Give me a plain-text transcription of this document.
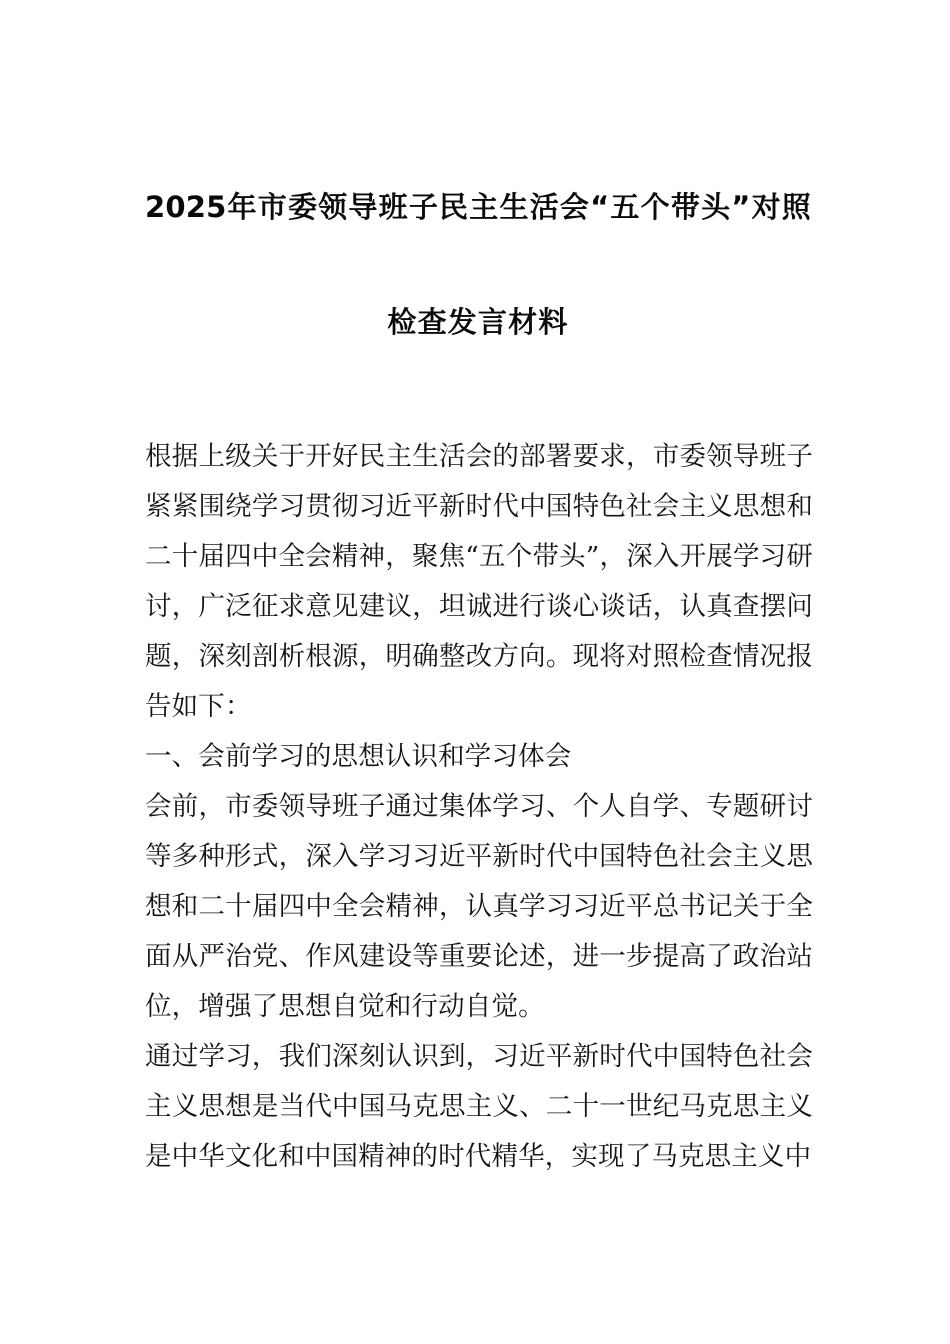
2025年市委领导班子民主生活会“五个带头”对照
检查发言材料

根据上级关于开好民主生活会的部署要求，市委领导班子紧紧围绕学习贯彻习近平新时代中国特色社会主义思想和二十届四中全会精神，聚焦“五个带头”，深入开展学习研讨，广泛征求意见建议，坦诚进行谈心谈话，认真查摆问题，深刻剖析根源，明确整改方向。现将对照检查情况报告如下：

一、会前学习的思想认识和学习体会

会前，市委领导班子通过集体学习、个人自学、专题研讨等多种形式，深入学习习近平新时代中国特色社会主义思想和二十届四中全会精神，认真学习习近平总书记关于全面从严治党、作风建设等重要论述，进一步提高了政治站位，增强了思想自觉和行动自觉。

通过学习，我们深刻认识到，习近平新时代中国特色社会主义思想是当代中国马克思主义、二十一世纪马克思主义是中华文化和中国精神的时代精华，实现了马克思主义中
